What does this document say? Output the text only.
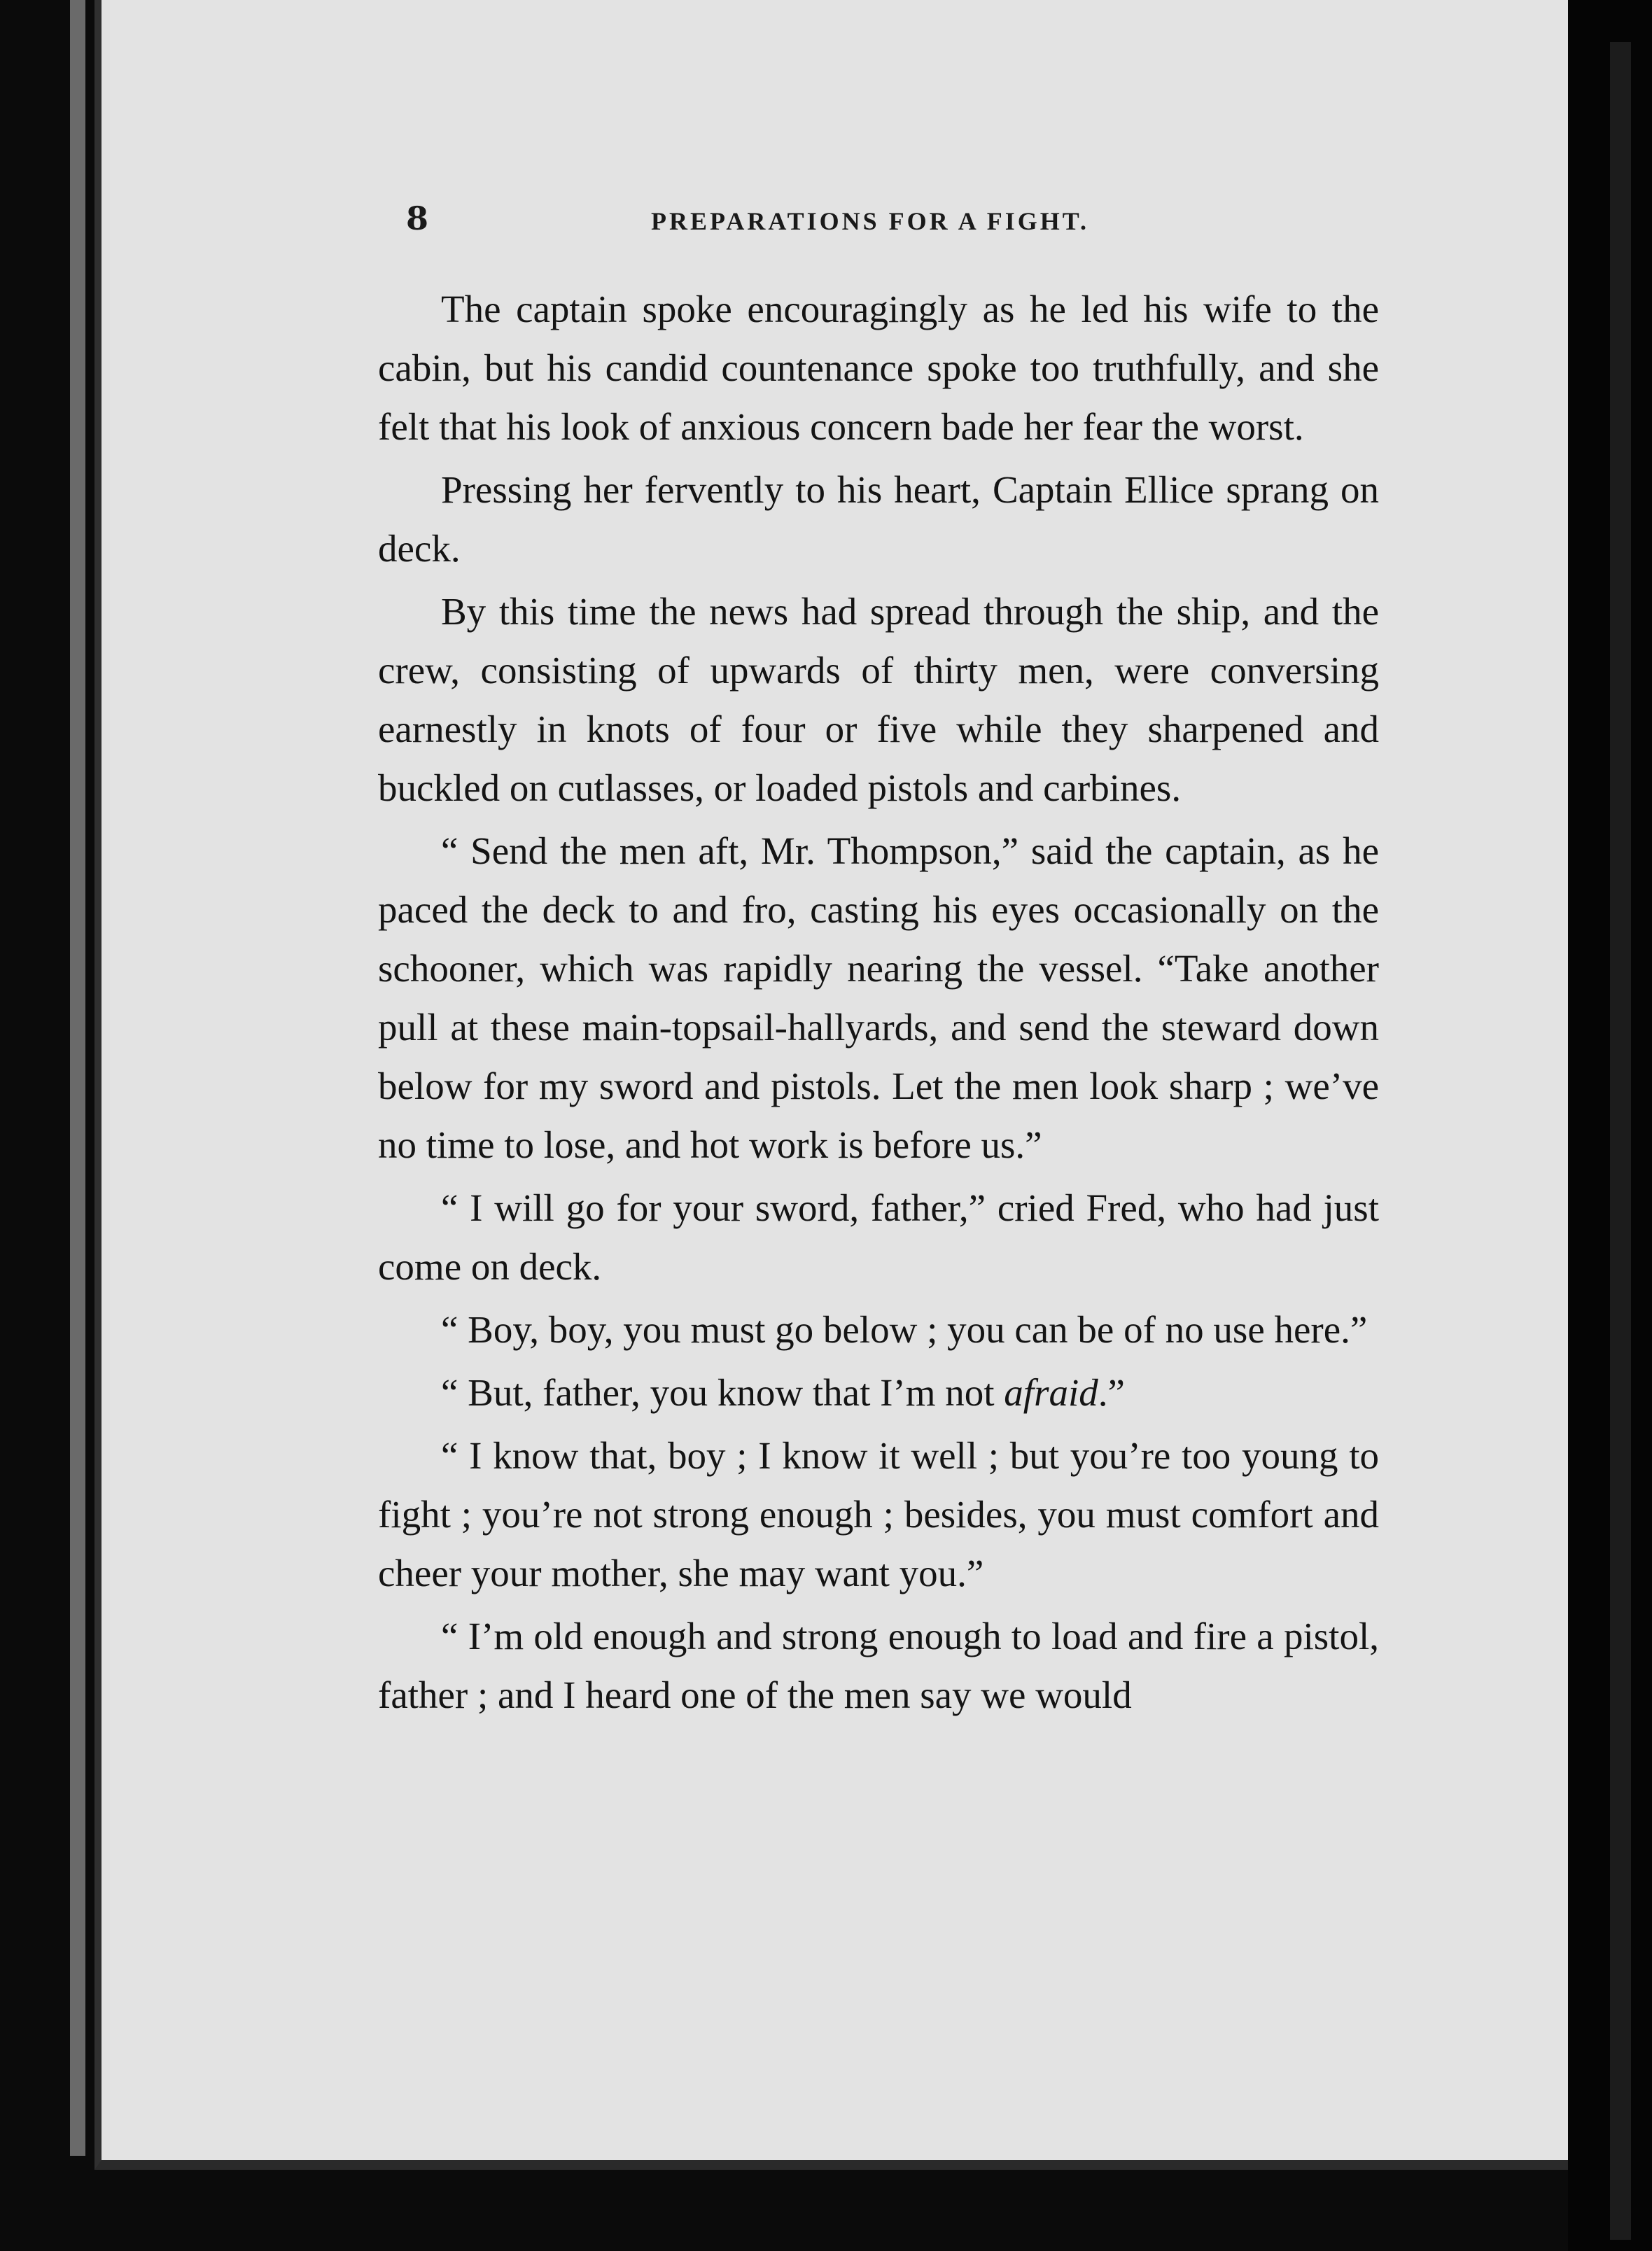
8	PREPARATIONS FOR A FIGHT.

The captain spoke encouragingly as he led his wife to the cabin, but his candid countenance spoke too truthfully, and she felt that his look of anxious concern bade her fear the worst.

Pressing her fervently to his heart, Captain Ellice sprang on deck.

By this time the news had spread through the ship, and the crew, consisting of upwards of thirty men, were conversing earnestly in knots of four or five while they sharpened and buckled on cutlasses, or loaded pistols and carbines.

“ Send the men aft, Mr. Thompson,” said the captain, as he paced the deck to and fro, casting his eyes occasionally on the schooner, which was rapidly nearing the vessel. “Take another pull at these main-topsail-hallyards, and send the steward down below for my sword and pistols. Let the men look sharp ; we’ve no time to lose, and hot work is before us.”

“ I will go for your sword, father,” cried Fred, who had just come on deck.

“ Boy, boy, you must go below ; you can be of no use here.”

“ But, father, you know that I’m not afraid.”

“ I know that, boy ; I know it well ; but you’re too young to fight ; you’re not strong enough ; besides, you must comfort and cheer your mother, she may want you.”

“ I’m old enough and strong enough to load and fire a pistol, father ; and I heard one of the men say we would
